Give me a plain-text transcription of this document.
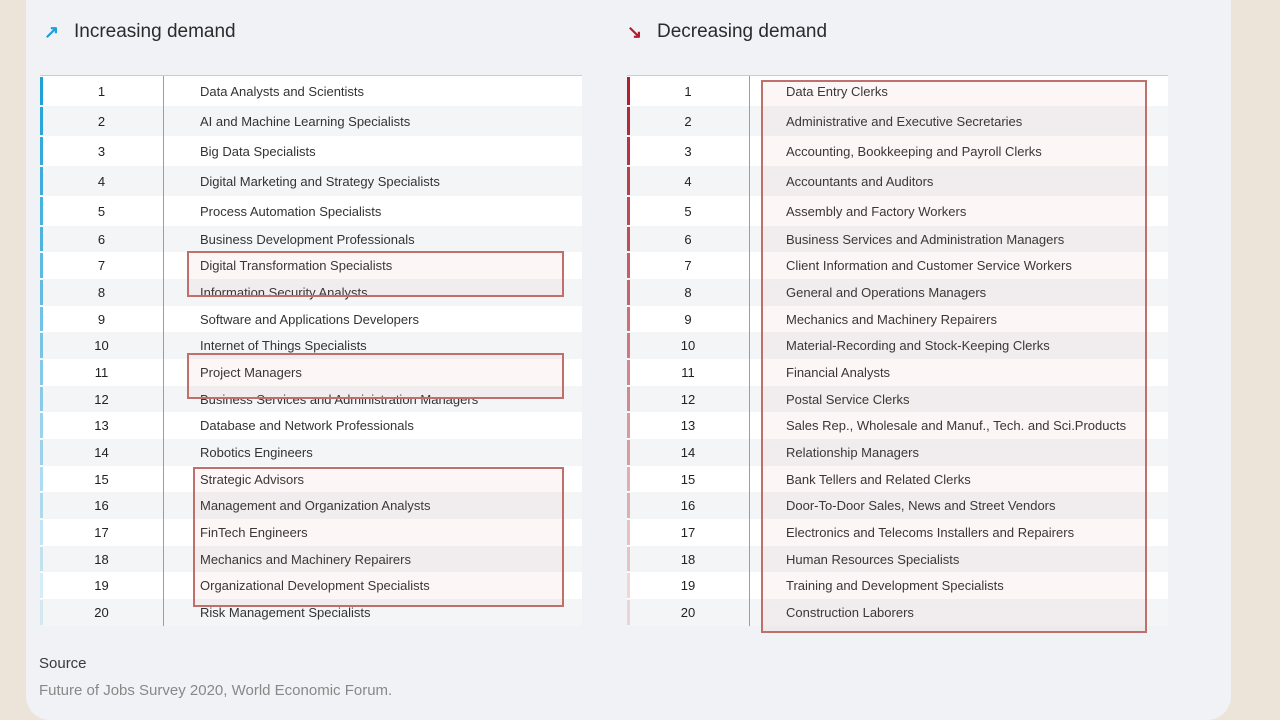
↗ Increasing demand	↘ Decreasing demand
1	Data Analysts and Scientists
2	AI and Machine Learning Specialists
3	Big Data Specialists
4	Digital Marketing and Strategy Specialists
5	Process Automation Specialists
6	Business Development Professionals
7	Digital Transformation Specialists
8	Information Security Analysts
9	Software and Applications Developers
10	Internet of Things Specialists
11	Project Managers
12	Business Services and Administration Managers
13	Database and Network Professionals
14	Robotics Engineers
15	Strategic Advisors
16	Management and Organization Analysts
17	FinTech Engineers
18	Mechanics and Machinery Repairers
19	Organizational Development Specialists
20	Risk Management Specialists
1	Data Entry Clerks
2	Administrative and Executive Secretaries
3	Accounting, Bookkeeping and Payroll Clerks
4	Accountants and Auditors
5	Assembly and Factory Workers
6	Business Services and Administration Managers
7	Client Information and Customer Service Workers
8	General and Operations Managers
9	Mechanics and Machinery Repairers
10	Material-Recording and Stock-Keeping Clerks
11	Financial Analysts
12	Postal Service Clerks
13	Sales Rep., Wholesale and Manuf., Tech. and Sci.Products
14	Relationship Managers
15	Bank Tellers and Related Clerks
16	Door-To-Door Sales, News and Street Vendors
17	Electronics and Telecoms Installers and Repairers
18	Human Resources Specialists
19	Training and Development Specialists
20	Construction Laborers
Source
Future of Jobs Survey 2020, World Economic Forum.
